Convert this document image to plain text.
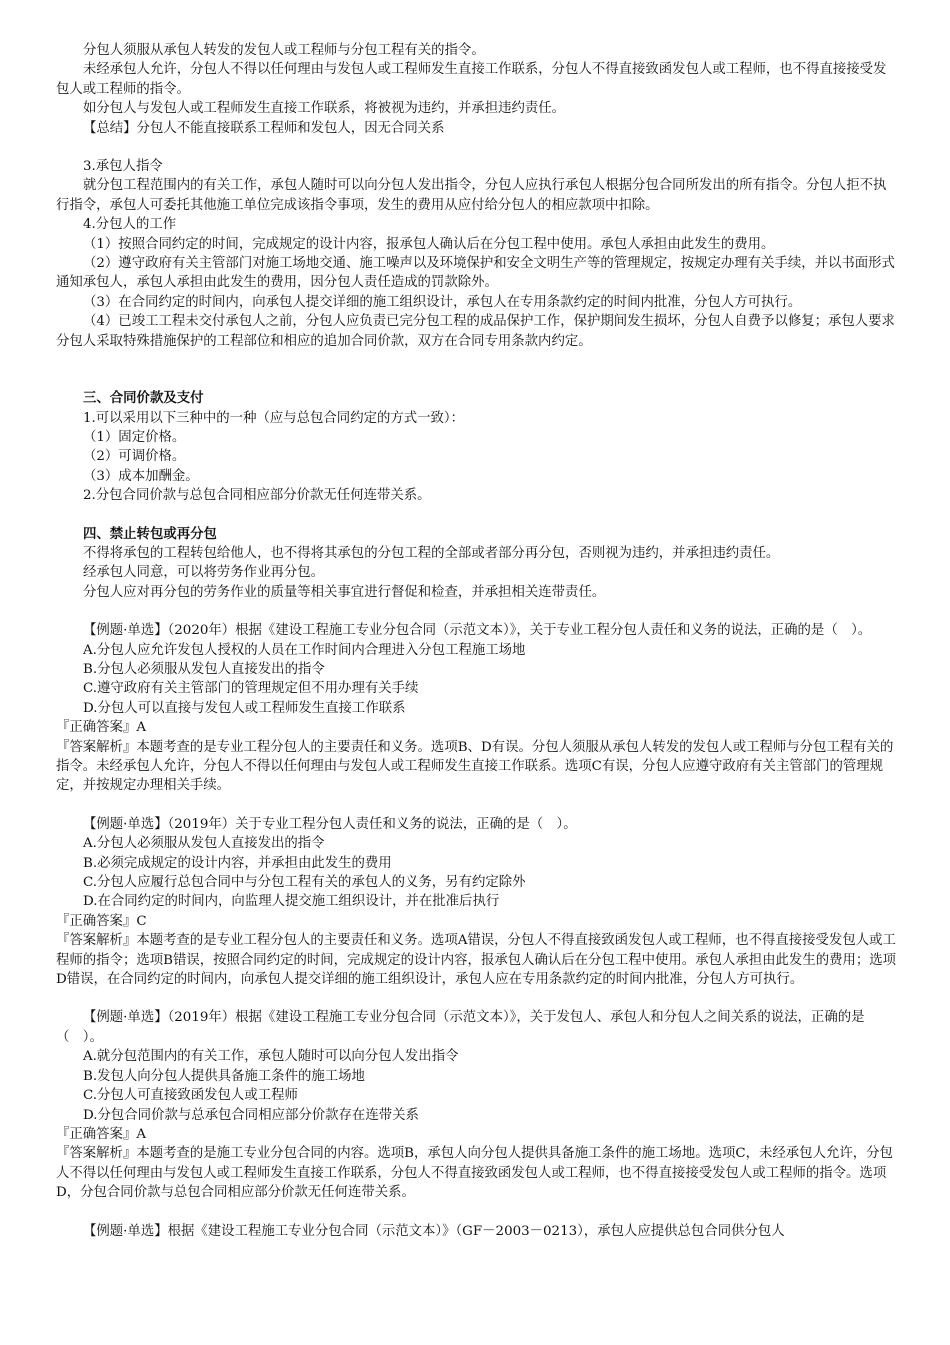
分包人须服从承包人转发的发包人或工程师与分包工程有关的指令。

未经承包人允许，分包人不得以任何理由与发包人或工程师发生直接工作联系，分包人不得直接致函发包人或工程师，也不得直接接受发包人或工程师的指令。

如分包人与发包人或工程师发生直接工作联系，将被视为违约，并承担违约责任。

【总结】分包人不能直接联系工程师和发包人，因无合同关系

3.承包人指令

就分包工程范围内的有关工作，承包人随时可以向分包人发出指令，分包人应执行承包人根据分包合同所发出的所有指令。分包人拒不执行指令，承包人可委托其他施工单位完成该指令事项，发生的费用从应付给分包人的相应款项中扣除。

4.分包人的工作

（1）按照合同约定的时间，完成规定的设计内容，报承包人确认后在分包工程中使用。承包人承担由此发生的费用。

（2）遵守政府有关主管部门对施工场地交通、施工噪声以及环境保护和安全文明生产等的管理规定，按规定办理有关手续，并以书面形式通知承包人，承包人承担由此发生的费用，因分包人责任造成的罚款除外。

（3）在合同约定的时间内，向承包人提交详细的施工组织设计，承包人在专用条款约定的时间内批准，分包人方可执行。

（4）已竣工工程未交付承包人之前，分包人应负责已完分包工程的成品保护工作，保护期间发生损坏，分包人自费予以修复；承包人要求分包人采取特殊措施保护的工程部位和相应的追加合同价款，双方在合同专用条款内约定。

三、合同价款及支付

1.可以采用以下三种中的一种（应与总包合同约定的方式一致）：

（1）固定价格。

（2）可调价格。

（3）成本加酬金。

2.分包合同价款与总包合同相应部分价款无任何连带关系。

四、禁止转包或再分包

不得将承包的工程转包给他人，也不得将其承包的分包工程的全部或者部分再分包，否则视为违约，并承担违约责任。

经承包人同意，可以将劳务作业再分包。

分包人应对再分包的劳务作业的质量等相关事宜进行督促和检查，并承担相关连带责任。

【例题·单选】（2020年）根据《建设工程施工专业分包合同（示范文本）》，关于专业工程分包人责任和义务的说法，正确的是（　）。

A.分包人应允许发包人授权的人员在工作时间内合理进入分包工程施工场地

B.分包人必须服从发包人直接发出的指令

C.遵守政府有关主管部门的管理规定但不用办理有关手续

D.分包人可以直接与发包人或工程师发生直接工作联系

『正确答案』A

『答案解析』本题考查的是专业工程分包人的主要责任和义务。选项B、D有误。分包人须服从承包人转发的发包人或工程师与分包工程有关的指令。未经承包人允许，分包人不得以任何理由与发包人或工程师发生直接工作联系。选项C有误，分包人应遵守政府有关主管部门的管理规定，并按规定办理相关手续。

【例题·单选】（2019年）关于专业工程分包人责任和义务的说法，正确的是（　）。

A.分包人必须服从发包人直接发出的指令

B.必须完成规定的设计内容，并承担由此发生的费用

C.分包人应履行总包合同中与分包工程有关的承包人的义务，另有约定除外

D.在合同约定的时间内，向监理人提交施工组织设计，并在批准后执行

『正确答案』C

『答案解析』本题考查的是专业工程分包人的主要责任和义务。选项A错误，分包人不得直接致函发包人或工程师，也不得直接接受发包人或工程师的指令；选项B错误，按照合同约定的时间，完成规定的设计内容，报承包人确认后在分包工程中使用。承包人承担由此发生的费用；选项D错误，在合同约定的时间内，向承包人提交详细的施工组织设计，承包人应在专用条款约定的时间内批准，分包人方可执行。

【例题·单选】（2019年）根据《建设工程施工专业分包合同（示范文本）》，关于发包人、承包人和分包人之间关系的说法，正确的是（　）。

A.就分包范围内的有关工作，承包人随时可以向分包人发出指令

B.发包人向分包人提供具备施工条件的施工场地

C.分包人可直接致函发包人或工程师

D.分包合同价款与总承包合同相应部分价款存在连带关系

『正确答案』A

『答案解析』本题考查的是施工专业分包合同的内容。选项B，承包人向分包人提供具备施工条件的施工场地。选项C，未经承包人允许，分包人不得以任何理由与发包人或工程师发生直接工作联系，分包人不得直接致函发包人或工程师，也不得直接接受发包人或工程师的指令。选项D，分包合同价款与总包合同相应部分价款无任何连带关系。

【例题·单选】根据《建设工程施工专业分包合同（示范文本）》（GF－2003－0213），承包人应提供总包合同供分包人
